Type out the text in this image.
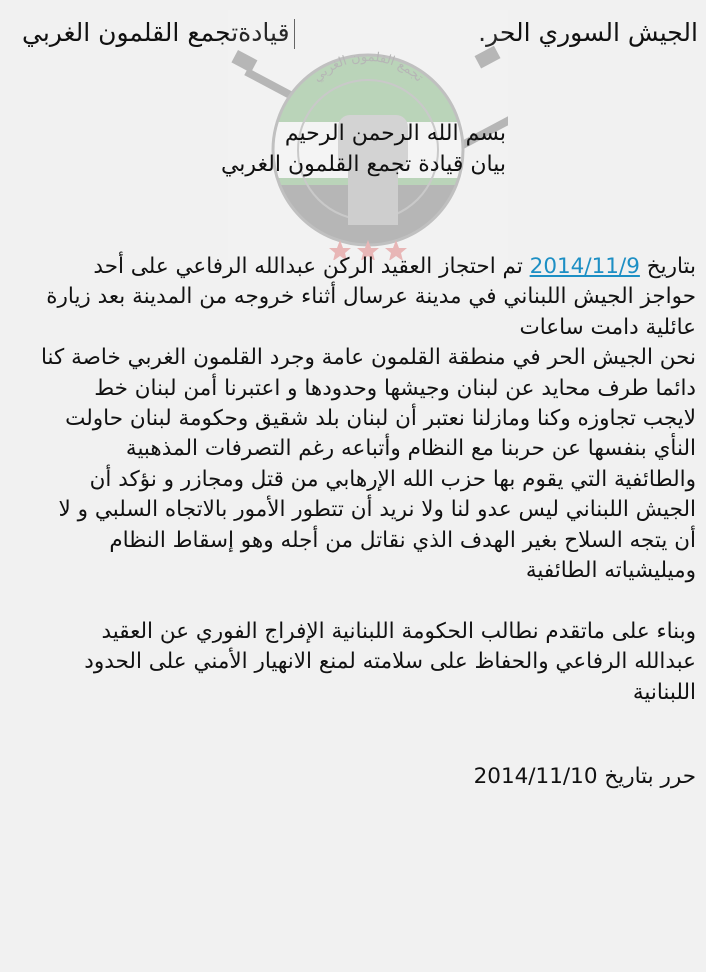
الجيش السوري الحر.
قيادةتجمع القلمون الغربي
تجمع القلمون الغربي
بسم الله الرحمن الرحيم
بيان قيادة تجمع القلمون الغربي
بتاريخ 2014/11/9 تم احتجاز العقيد الركن عبدالله الرفاعي على أحد حواجز الجيش اللبناني في مدينة عرسال أثناء خروجه من المدينة بعد زيارة عائلية دامت ساعات
نحن الجيش الحر في منطقة القلمون عامة وجرد القلمون الغربي خاصة كنا دائما طرف محايد عن لبنان وجيشها وحدودها و اعتبرنا أمن لبنان خط لايجب تجاوزه وكنا ومازلنا نعتبر أن لبنان بلد شقيق وحكومة لبنان حاولت النأي بنفسها عن حربنا مع النظام وأتباعه رغم التصرفات المذهبية والطائفية التي يقوم بها حزب الله الإرهابي من قتل ومجازر و نؤكد أن الجيش اللبناني ليس عدو لنا ولا نريد أن تتطور الأمور بالاتجاه السلبي و لا أن يتجه السلاح بغير الهدف الذي نقاتل من أجله وهو إسقاط النظام وميليشياته الطائفية

وبناء على ماتقدم نطالب الحكومة اللبنانية الإفراج الفوري عن العقيد عبدالله الرفاعي والحفاظ على سلامته لمنع الانهيار الأمني على الحدود اللبنانية
حرر بتاريخ 2014/11/10
